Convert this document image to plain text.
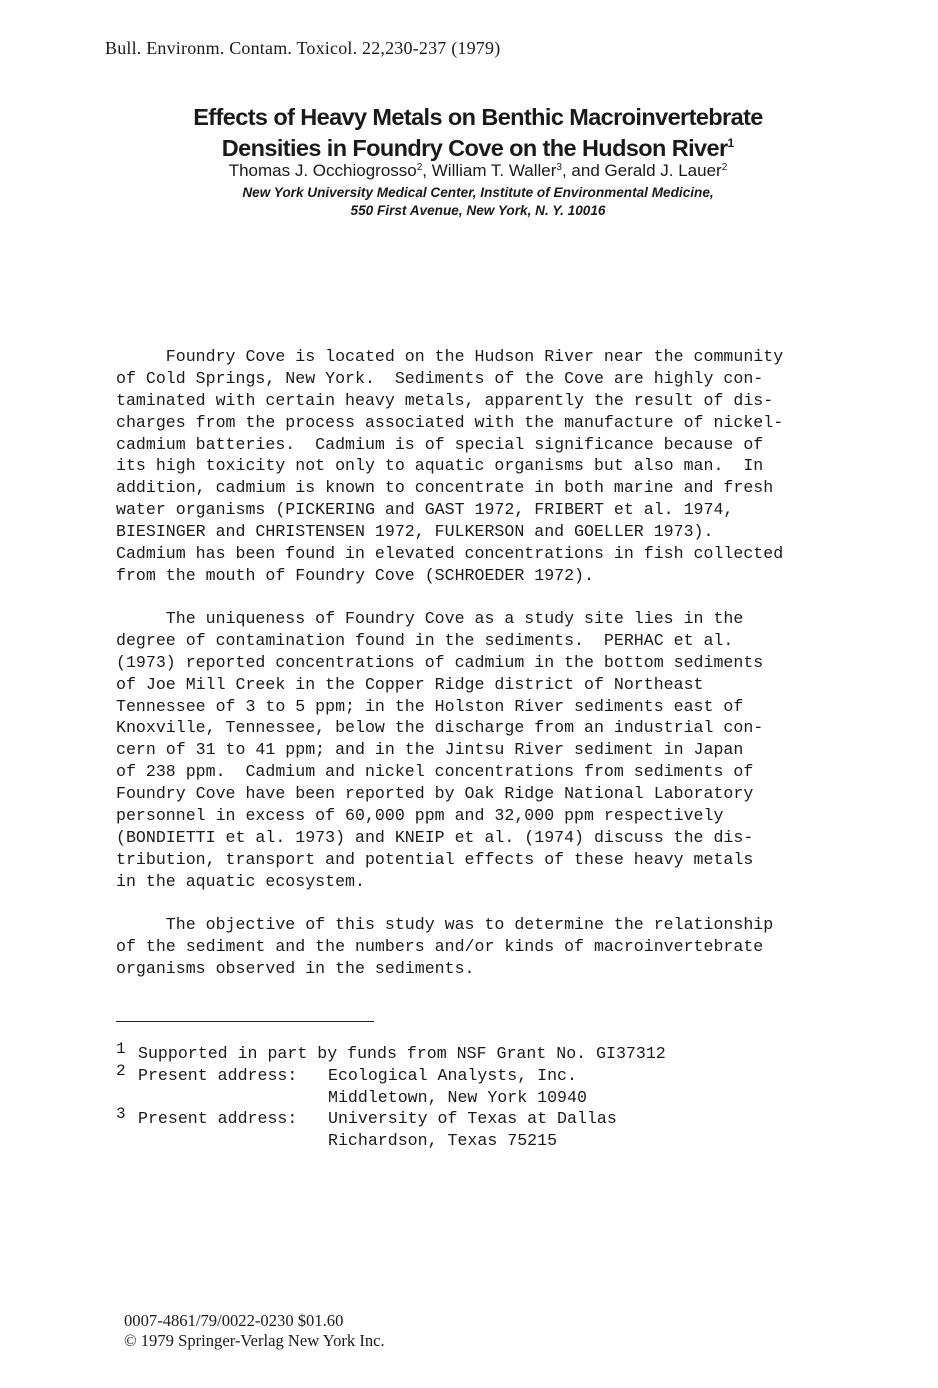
Bull. Environm. Contam. Toxicol. 22,230-237 (1979)
Effects of Heavy Metals on Benthic Macroinvertebrate
Densities in Foundry Cove on the Hudson River$^1$
Thomas J. Occhiogrosso$^2$, William T. Waller$^3$, and Gerald J. Lauer$^2$
New York University Medical Center, Institute of Environmental Medicine,
550 First Avenue, New York, N. Y. 10016
Foundry Cove is located on the Hudson River near the community
of Cold Springs, New York.  Sediments of the Cove are highly con-
taminated with certain heavy metals, apparently the result of dis-
charges from the process associated with the manufacture of nickel-
cadmium batteries.  Cadmium is of special significance because of
its high toxicity not only to aquatic organisms but also man.  In
addition, cadmium is known to concentrate in both marine and fresh
water organisms (PICKERING and GAST 1972, FRIBERT et al. 1974,
BIESINGER and CHRISTENSEN 1972, FULKERSON and GOELLER 1973).
Cadmium has been found in elevated concentrations in fish collected
from the mouth of Foundry Cove (SCHROEDER 1972).
The uniqueness of Foundry Cove as a study site lies in the
degree of contamination found in the sediments.  PERHAC et al.
(1973) reported concentrations of cadmium in the bottom sediments
of Joe Mill Creek in the Copper Ridge district of Northeast
Tennessee of 3 to 5 ppm; in the Holston River sediments east of
Knoxville, Tennessee, below the discharge from an industrial con-
cern of 31 to 41 ppm; and in the Jintsu River sediment in Japan
of 238 ppm.  Cadmium and nickel concentrations from sediments of
Foundry Cove have been reported by Oak Ridge National Laboratory
personnel in excess of 60,000 ppm and 32,000 ppm respectively
(BONDIETTI et al. 1973) and KNEIP et al. (1974) discuss the dis-
tribution, transport and potential effects of these heavy metals
in the aquatic ecosystem.
The objective of this study was to determine the relationship
of the sediment and the numbers and/or kinds of macroinvertebrate
organisms observed in the sediments.
1 Supported in part by funds from NSF Grant No. GI37312
2 Present address: Ecological Analysts, Inc.
Middletown, New York 10940
3 Present address: University of Texas at Dallas
Richardson, Texas 75215
0007-4861/79/0022-0230 $01.60
© 1979 Springer-Verlag New York Inc.
